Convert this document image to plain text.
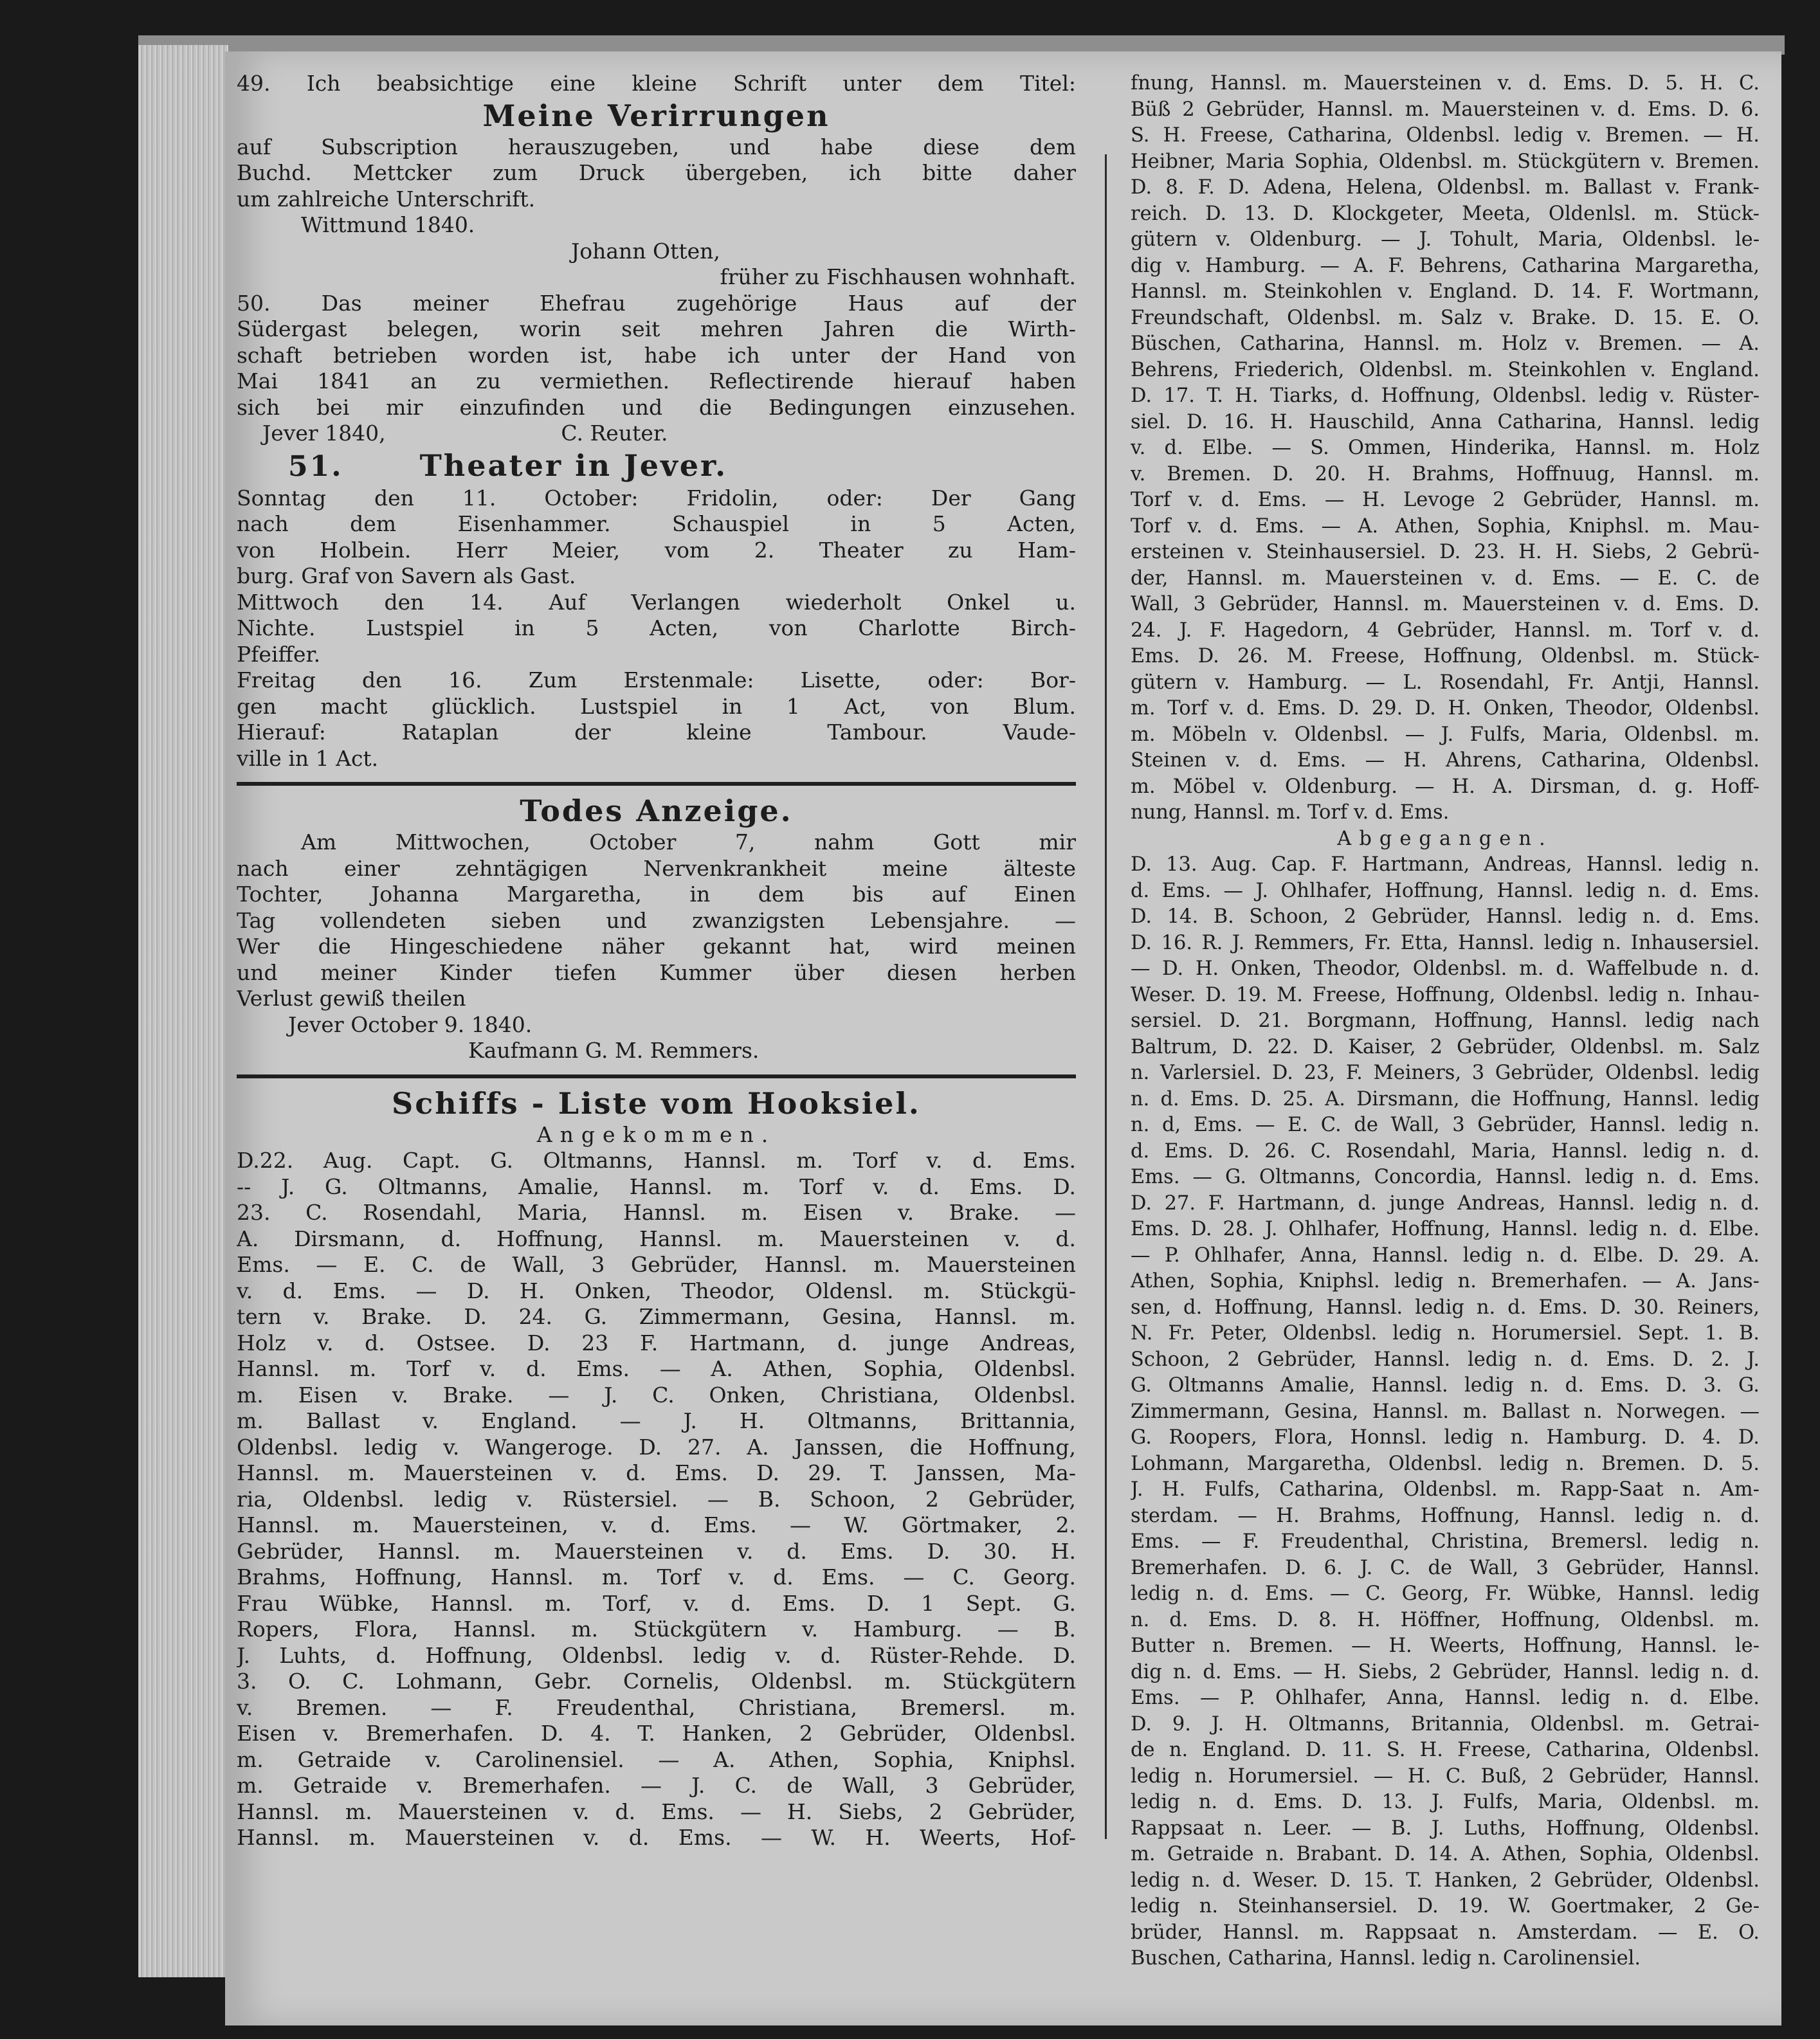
49. Ich beabsichtige eine kleine Schrift unter dem Titel:
Meine Verirrungen
auf Subscription herauszugeben, und habe diese dem
Buchd. Mettcker zum Druck übergeben, ich bitte daher
um zahlreiche Unterschrift.
Wittmund 1840.
Johann Otten,
früher zu Fischhausen wohnhaft.
50. Das meiner Ehefrau zugehörige Haus auf der
Südergast belegen, worin seit mehren Jahren die Wirth-
schaft betrieben worden ist, habe ich unter der Hand von
Mai 1841 an zu vermiethen. Reflectirende hierauf haben
sich bei mir einzufinden und die Bedingungen einzusehen.
Jever 1840,                          C. Reuter.
51.	Theater in Jever.
Sonntag den 11. October: Fridolin, oder: Der Gang
nach dem Eisenhammer. Schauspiel in 5 Acten,
von Holbein. Herr Meier, vom 2. Theater zu Ham-
burg. Graf von Savern als Gast.
Mittwoch den 14. Auf Verlangen wiederholt Onkel u.
Nichte. Lustspiel in 5 Acten, von Charlotte Birch-
Pfeiffer.
Freitag den 16. Zum Erstenmale: Lisette, oder: Bor-
gen macht glücklich. Lustspiel in 1 Act, von Blum.
Hierauf: Rataplan der kleine Tambour. Vaude-
ville in 1 Act.
Todes Anzeige.
Am Mittwochen, October 7, nahm Gott mir
nach einer zehntägigen Nervenkrankheit meine älteste
Tochter, Johanna Margaretha, in dem bis auf Einen
Tag vollendeten sieben und zwanzigsten Lebensjahre. —
Wer die Hingeschiedene näher gekannt hat, wird meinen
und meiner Kinder tiefen Kummer über diesen herben
Verlust gewiß theilen
Jever October 9. 1840.
Kaufmann G. M. Remmers.
Schiffs - Liste vom Hooksiel.
Angekommen.
D.22. Aug. Capt. G. Oltmanns, Hannsl. m. Torf v. d. Ems.
-- J. G. Oltmanns, Amalie, Hannsl. m. Torf v. d. Ems. D.
23. C. Rosendahl, Maria, Hannsl. m. Eisen v. Brake. —
A. Dirsmann, d. Hoffnung, Hannsl. m. Mauersteinen v. d.
Ems. — E. C. de Wall, 3 Gebrüder, Hannsl. m. Mauersteinen
v. d. Ems. — D. H. Onken, Theodor, Oldensl. m. Stückgü-
tern v. Brake. D. 24. G. Zimmermann, Gesina, Hannsl. m.
Holz v. d. Ostsee. D. 23 F. Hartmann, d. junge Andreas,
Hannsl. m. Torf v. d. Ems. — A. Athen, Sophia, Oldenbsl.
m. Eisen v. Brake. — J. C. Onken, Christiana, Oldenbsl.
m. Ballast v. England. — J. H. Oltmanns, Brittannia,
Oldenbsl. ledig v. Wangeroge. D. 27. A. Janssen, die Hoffnung,
Hannsl. m. Mauersteinen v. d. Ems. D. 29. T. Janssen, Ma-
ria, Oldenbsl. ledig v. Rüstersiel. — B. Schoon, 2 Gebrüder,
Hannsl. m. Mauersteinen, v. d. Ems. — W. Görtmaker, 2.
Gebrüder, Hannsl. m. Mauersteinen v. d. Ems. D. 30. H.
Brahms, Hoffnung, Hannsl. m. Torf v. d. Ems. — C. Georg.
Frau Wübke, Hannsl. m. Torf, v. d. Ems. D. 1 Sept. G.
Ropers, Flora, Hannsl. m. Stückgütern v. Hamburg. — B.
J. Luhts, d. Hoffnung, Oldenbsl. ledig v. d. Rüster-Rehde. D.
3. O. C. Lohmann, Gebr. Cornelis, Oldenbsl. m. Stückgütern
v. Bremen. — F. Freudenthal, Christiana, Bremersl. m.
Eisen v. Bremerhafen. D. 4. T. Hanken, 2 Gebrüder, Oldenbsl.
m. Getraide v. Carolinensiel. — A. Athen, Sophia, Kniphsl.
m. Getraide v. Bremerhafen. — J. C. de Wall, 3 Gebrüder,
Hannsl. m. Mauersteinen v. d. Ems. — H. Siebs, 2 Gebrüder,
Hannsl. m. Mauersteinen v. d. Ems. — W. H. Weerts, Hof-
fnung, Hannsl. m. Mauersteinen v. d. Ems. D. 5. H. C.
Büß 2 Gebrüder, Hannsl. m. Mauersteinen v. d. Ems. D. 6.
S. H. Freese, Catharina, Oldenbsl. ledig v. Bremen. — H.
Heibner, Maria Sophia, Oldenbsl. m. Stückgütern v. Bremen.
D. 8. F. D. Adena, Helena, Oldenbsl. m. Ballast v. Frank-
reich. D. 13. D. Klockgeter, Meeta, Oldenlsl. m. Stück-
gütern v. Oldenburg. — J. Tohult, Maria, Oldenbsl. le-
dig v. Hamburg. — A. F. Behrens, Catharina Margaretha,
Hannsl. m. Steinkohlen v. England. D. 14. F. Wortmann,
Freundschaft, Oldenbsl. m. Salz v. Brake. D. 15. E. O.
Büschen, Catharina, Hannsl. m. Holz v. Bremen. — A.
Behrens, Friederich, Oldenbsl. m. Steinkohlen v. England.
D. 17. T. H. Tiarks, d. Hoffnung, Oldenbsl. ledig v. Rüster-
siel. D. 16. H. Hauschild, Anna Catharina, Hannsl. ledig
v. d. Elbe. — S. Ommen, Hinderika, Hannsl. m. Holz
v. Bremen. D. 20. H. Brahms, Hoffnuug, Hannsl. m.
Torf v. d. Ems. — H. Levoge 2 Gebrüder, Hannsl. m.
Torf v. d. Ems. — A. Athen, Sophia, Kniphsl. m. Mau-
ersteinen v. Steinhausersiel. D. 23. H. H. Siebs, 2 Gebrü-
der, Hannsl. m. Mauersteinen v. d. Ems. — E. C. de
Wall, 3 Gebrüder, Hannsl. m. Mauersteinen v. d. Ems. D.
24. J. F. Hagedorn, 4 Gebrüder, Hannsl. m. Torf v. d.
Ems. D. 26. M. Freese, Hoffnung, Oldenbsl. m. Stück-
gütern v. Hamburg. — L. Rosendahl, Fr. Antji, Hannsl.
m. Torf v. d. Ems. D. 29. D. H. Onken, Theodor, Oldenbsl.
m. Möbeln v. Oldenbsl. — J. Fulfs, Maria, Oldenbsl. m.
Steinen v. d. Ems. — H. Ahrens, Catharina, Oldenbsl.
m. Möbel v. Oldenburg. — H. A. Dirsman, d. g. Hoff-
nung, Hannsl. m. Torf v. d. Ems.
Abgegangen.
D. 13. Aug. Cap. F. Hartmann, Andreas, Hannsl. ledig n.
d. Ems. — J. Ohlhafer, Hoffnung, Hannsl. ledig n. d. Ems.
D. 14. B. Schoon, 2 Gebrüder, Hannsl. ledig n. d. Ems.
D. 16. R. J. Remmers, Fr. Etta, Hannsl. ledig n. Inhausersiel.
— D. H. Onken, Theodor, Oldenbsl. m. d. Waffelbude n. d.
Weser. D. 19. M. Freese, Hoffnung, Oldenbsl. ledig n. Inhau-
sersiel. D. 21. Borgmann, Hoffnung, Hannsl. ledig nach
Baltrum, D. 22. D. Kaiser, 2 Gebrüder, Oldenbsl. m. Salz
n. Varlersiel. D. 23, F. Meiners, 3 Gebrüder, Oldenbsl. ledig
n. d. Ems. D. 25. A. Dirsmann, die Hoffnung, Hannsl. ledig
n. d, Ems. — E. C. de Wall, 3 Gebrüder, Hannsl. ledig n.
d. Ems. D. 26. C. Rosendahl, Maria, Hannsl. ledig n. d.
Ems. — G. Oltmanns, Concordia, Hannsl. ledig n. d. Ems.
D. 27. F. Hartmann, d. junge Andreas, Hannsl. ledig n. d.
Ems. D. 28. J. Ohlhafer, Hoffnung, Hannsl. ledig n. d. Elbe.
— P. Ohlhafer, Anna, Hannsl. ledig n. d. Elbe. D. 29. A.
Athen, Sophia, Kniphsl. ledig n. Bremerhafen. — A. Jans-
sen, d. Hoffnung, Hannsl. ledig n. d. Ems. D. 30. Reiners,
N. Fr. Peter, Oldenbsl. ledig n. Horumersiel. Sept. 1. B.
Schoon, 2 Gebrüder, Hannsl. ledig n. d. Ems. D. 2. J.
G. Oltmanns Amalie, Hannsl. ledig n. d. Ems. D. 3. G.
Zimmermann, Gesina, Hannsl. m. Ballast n. Norwegen. —
G. Roopers, Flora, Honnsl. ledig n. Hamburg. D. 4. D.
Lohmann, Margaretha, Oldenbsl. ledig n. Bremen. D. 5.
J. H. Fulfs, Catharina, Oldenbsl. m. Rapp-Saat n. Am-
sterdam. — H. Brahms, Hoffnung, Hannsl. ledig n. d.
Ems. — F. Freudenthal, Christina, Bremersl. ledig n.
Bremerhafen. D. 6. J. C. de Wall, 3 Gebrüder, Hannsl.
ledig n. d. Ems. — C. Georg, Fr. Wübke, Hannsl. ledig
n. d. Ems. D. 8. H. Höffner, Hoffnung, Oldenbsl. m.
Butter n. Bremen. — H. Weerts, Hoffnung, Hannsl. le-
dig n. d. Ems. — H. Siebs, 2 Gebrüder, Hannsl. ledig n. d.
Ems. — P. Ohlhafer, Anna, Hannsl. ledig n. d. Elbe.
D. 9. J. H. Oltmanns, Britannia, Oldenbsl. m. Getrai-
de n. England. D. 11. S. H. Freese, Catharina, Oldenbsl.
ledig n. Horumersiel. — H. C. Buß, 2 Gebrüder, Hannsl.
ledig n. d. Ems. D. 13. J. Fulfs, Maria, Oldenbsl. m.
Rappsaat n. Leer. — B. J. Luths, Hoffnung, Oldenbsl.
m. Getraide n. Brabant. D. 14. A. Athen, Sophia, Oldenbsl.
ledig n. d. Weser. D. 15. T. Hanken, 2 Gebrüder, Oldenbsl.
ledig n. Steinhansersiel. D. 19. W. Goertmaker, 2 Ge-
brüder, Hannsl. m. Rappsaat n. Amsterdam. — E. O.
Buschen, Catharina, Hannsl. ledig n. Carolinensiel.
